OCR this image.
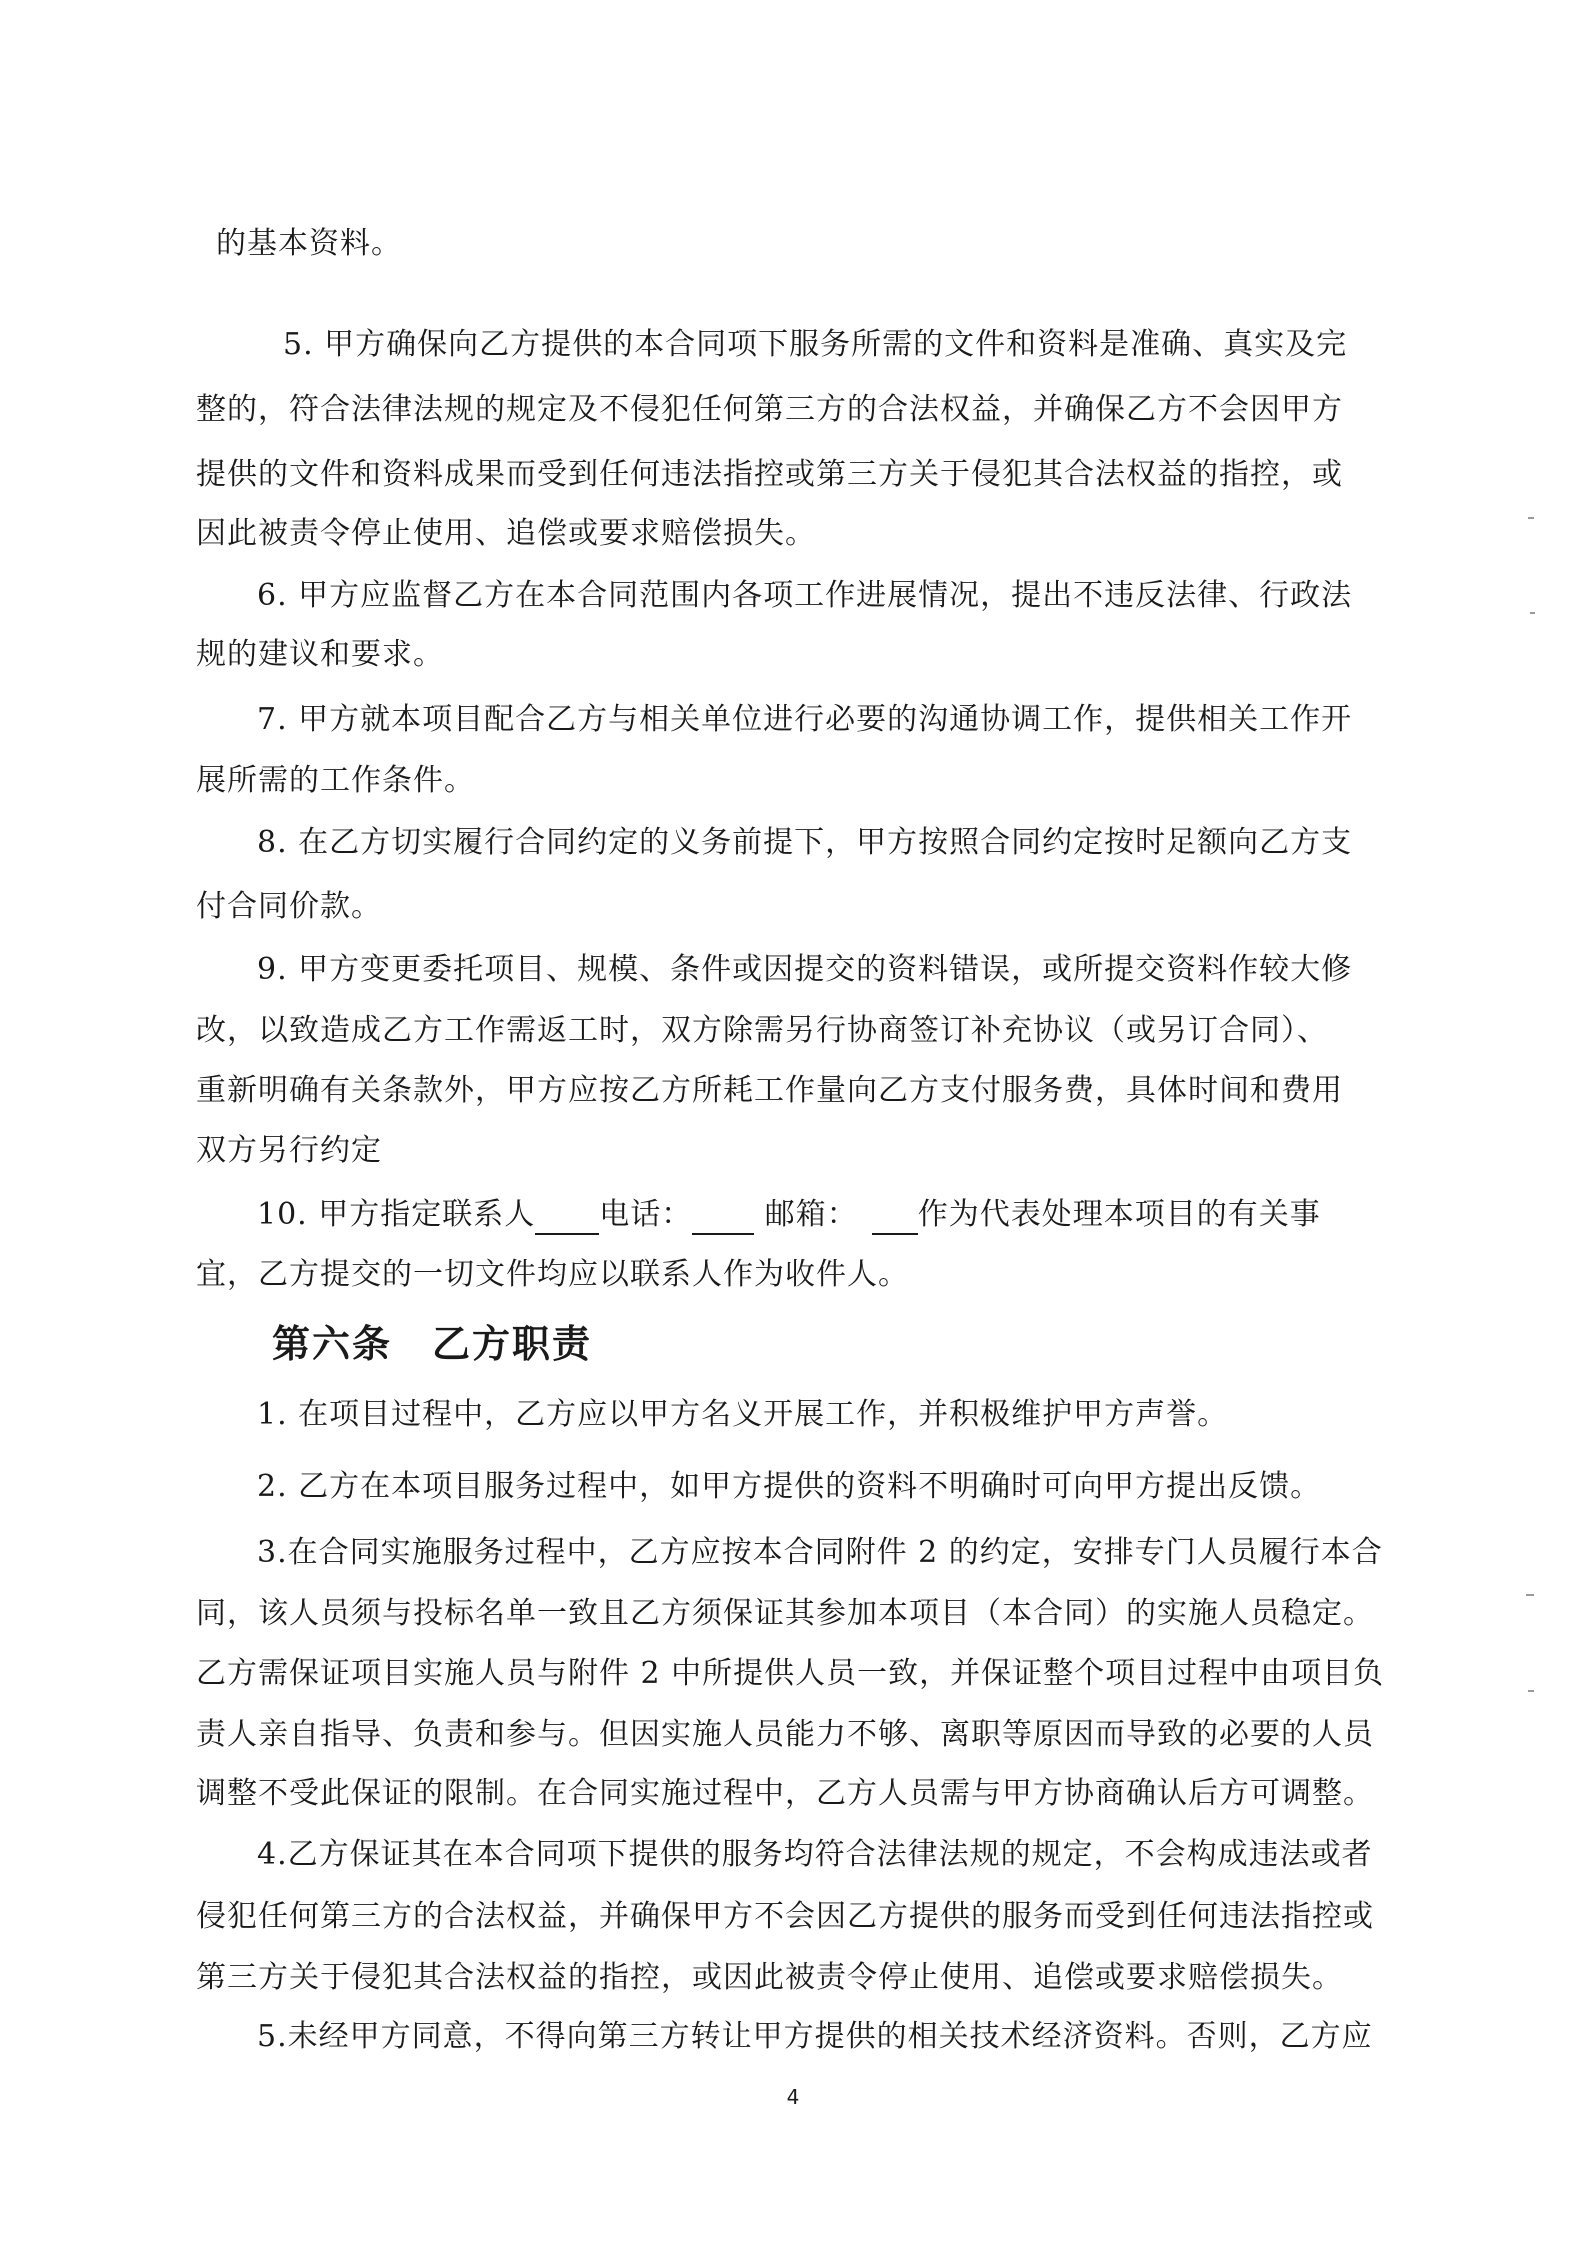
的基本资料。
5. 甲方确保向乙方提供的本合同项下服务所需的文件和资料是准确、真实及完
整的，符合法律法规的规定及不侵犯任何第三方的合法权益，并确保乙方不会因甲方
提供的文件和资料成果而受到任何违法指控或第三方关于侵犯其合法权益的指控，或
因此被责令停止使用、追偿或要求赔偿损失。
6. 甲方应监督乙方在本合同范围内各项工作进展情况，提出不违反法律、行政法
规的建议和要求。
7. 甲方就本项目配合乙方与相关单位进行必要的沟通协调工作，提供相关工作开
展所需的工作条件。
8. 在乙方切实履行合同约定的义务前提下，甲方按照合同约定按时足额向乙方支
付合同价款。
9. 甲方变更委托项目、规模、条件或因提交的资料错误，或所提交资料作较大修
改，以致造成乙方工作需返工时，双方除需另行协商签订补充协议（或另订合同）、
重新明确有关条款外，甲方应按乙方所耗工作量向乙方支付服务费，具体时间和费用
双方另行约定
10. 甲方指定联系人 电话： 邮箱： 作为代表处理本项目的有关事
宜，乙方提交的一切文件均应以联系人作为收件人。
第六条　乙方职责
1. 在项目过程中，乙方应以甲方名义开展工作，并积极维护甲方声誉。
2. 乙方在本项目服务过程中，如甲方提供的资料不明确时可向甲方提出反馈。
3.在合同实施服务过程中，乙方应按本合同附件 2 的约定，安排专门人员履行本合
同，该人员须与投标名单一致且乙方须保证其参加本项目（本合同）的实施人员稳定。
乙方需保证项目实施人员与附件 2 中所提供人员一致，并保证整个项目过程中由项目负
责人亲自指导、负责和参与。但因实施人员能力不够、离职等原因而导致的必要的人员
调整不受此保证的限制。在合同实施过程中，乙方人员需与甲方协商确认后方可调整。
4.乙方保证其在本合同项下提供的服务均符合法律法规的规定，不会构成违法或者
侵犯任何第三方的合法权益，并确保甲方不会因乙方提供的服务而受到任何违法指控或
第三方关于侵犯其合法权益的指控，或因此被责令停止使用、追偿或要求赔偿损失。
5.未经甲方同意，不得向第三方转让甲方提供的相关技术经济资料。否则，乙方应
4
